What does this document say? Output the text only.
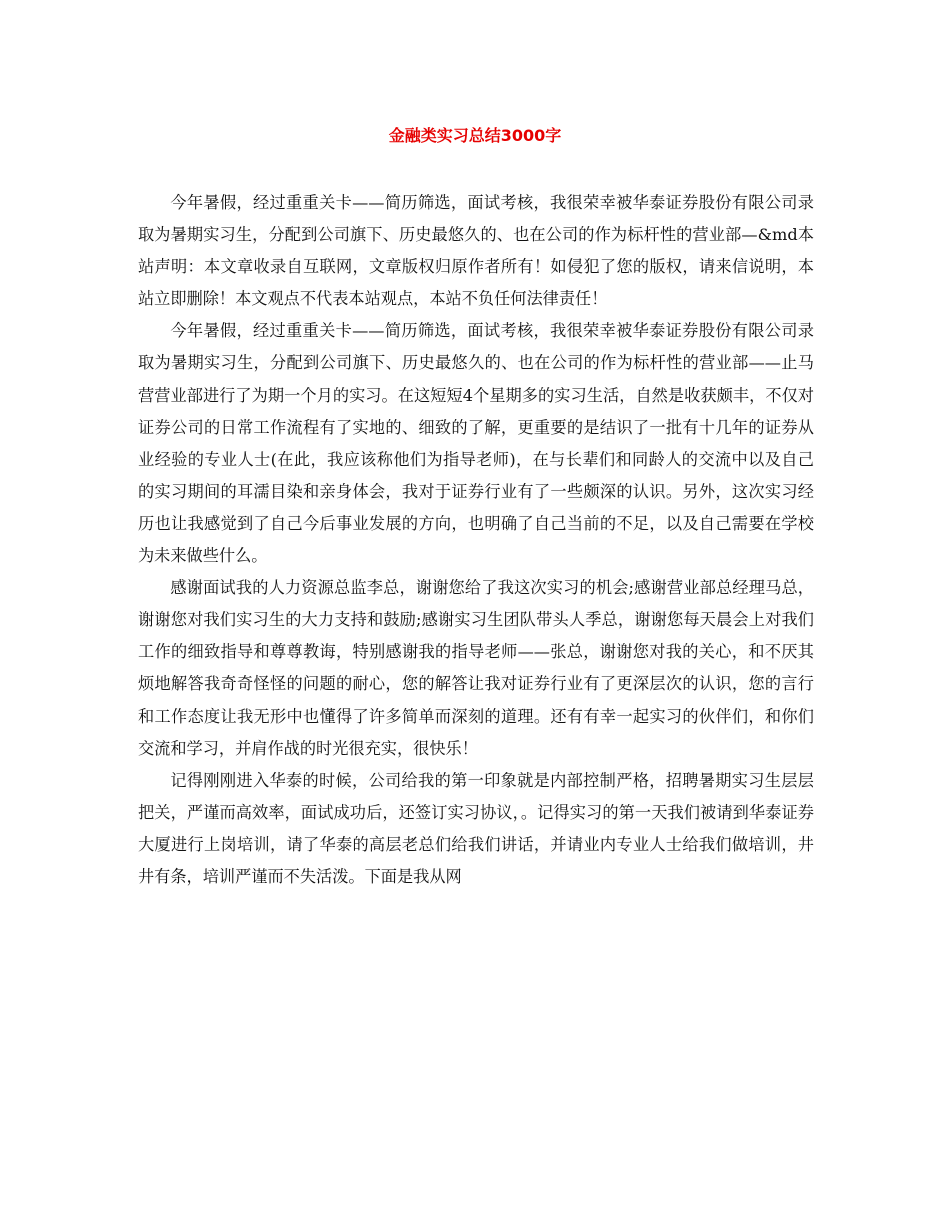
金融类实习总结3000字

今年暑假，经过重重关卡——简历筛选，面试考核，我很荣幸被华泰证券股份有限公司录取为暑期实习生，分配到公司旗下、历史最悠久的、也在公司的作为标杆性的营业部—&md本站声明：本文章收录自互联网，文章版权归原作者所有！如侵犯了您的版权，请来信说明，本站立即删除！本文观点不代表本站观点，本站不负任何法律责任！

今年暑假，经过重重关卡——简历筛选，面试考核，我很荣幸被华泰证券股份有限公司录取为暑期实习生，分配到公司旗下、历史最悠久的、也在公司的作为标杆性的营业部——止马营营业部进行了为期一个月的实习。在这短短4个星期多的实习生活，自然是收获颇丰，不仅对证券公司的日常工作流程有了实地的、细致的了解，更重要的是结识了一批有十几年的证券从业经验的专业人士(在此，我应该称他们为指导老师)，在与长辈们和同龄人的交流中以及自己的实习期间的耳濡目染和亲身体会，我对于证券行业有了一些颇深的认识。另外，这次实习经历也让我感觉到了自己今后事业发展的方向，也明确了自己当前的不足，以及自己需要在学校为未来做些什么。

感谢面试我的人力资源总监李总，谢谢您给了我这次实习的机会;感谢营业部总经理马总，谢谢您对我们实习生的大力支持和鼓励;感谢实习生团队带头人季总，谢谢您每天晨会上对我们工作的细致指导和尊尊教诲，特别感谢我的指导老师——张总，谢谢您对我的关心，和不厌其烦地解答我奇奇怪怪的问题的耐心，您的解答让我对证券行业有了更深层次的认识，您的言行和工作态度让我无形中也懂得了许多简单而深刻的道理。还有有幸一起实习的伙伴们，和你们交流和学习，并肩作战的时光很充实，很快乐！

记得刚刚进入华泰的时候，公司给我的第一印象就是内部控制严格，招聘暑期实习生层层把关，严谨而高效率，面试成功后，还签订实习协议，。记得实习的第一天我们被请到华泰证券大厦进行上岗培训，请了华泰的高层老总们给我们讲话，并请业内专业人士给我们做培训，井井有条，培训严谨而不失活泼。下面是我从网
